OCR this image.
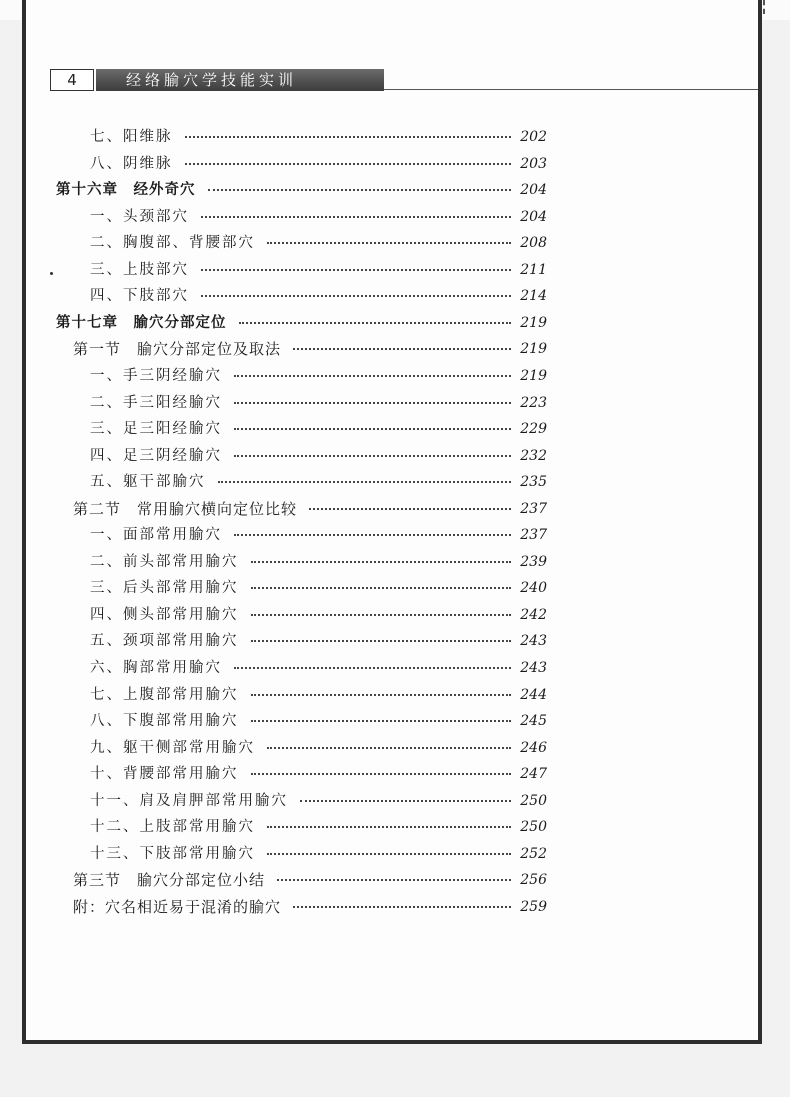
4	经络腧穴学技能实训
七、阳维脉	202
八、阴维脉	203
第十六章　经外奇穴	204
一、头颈部穴	204
二、胸腹部、背腰部穴	208
三、上肢部穴	211
四、下肢部穴	214
第十七章　腧穴分部定位	219
第一节　腧穴分部定位及取法	219
一、手三阴经腧穴	219
二、手三阳经腧穴	223
三、足三阳经腧穴	229
四、足三阴经腧穴	232
五、躯干部腧穴	235
第二节　常用腧穴横向定位比较	237
一、面部常用腧穴	237
二、前头部常用腧穴	239
三、后头部常用腧穴	240
四、侧头部常用腧穴	242
五、颈项部常用腧穴	243
六、胸部常用腧穴	243
七、上腹部常用腧穴	244
八、下腹部常用腧穴	245
九、躯干侧部常用腧穴	246
十、背腰部常用腧穴	247
十一、肩及肩胛部常用腧穴	250
十二、上肢部常用腧穴	250
十三、下肢部常用腧穴	252
第三节　腧穴分部定位小结	256
附：穴名相近易于混淆的腧穴	259
